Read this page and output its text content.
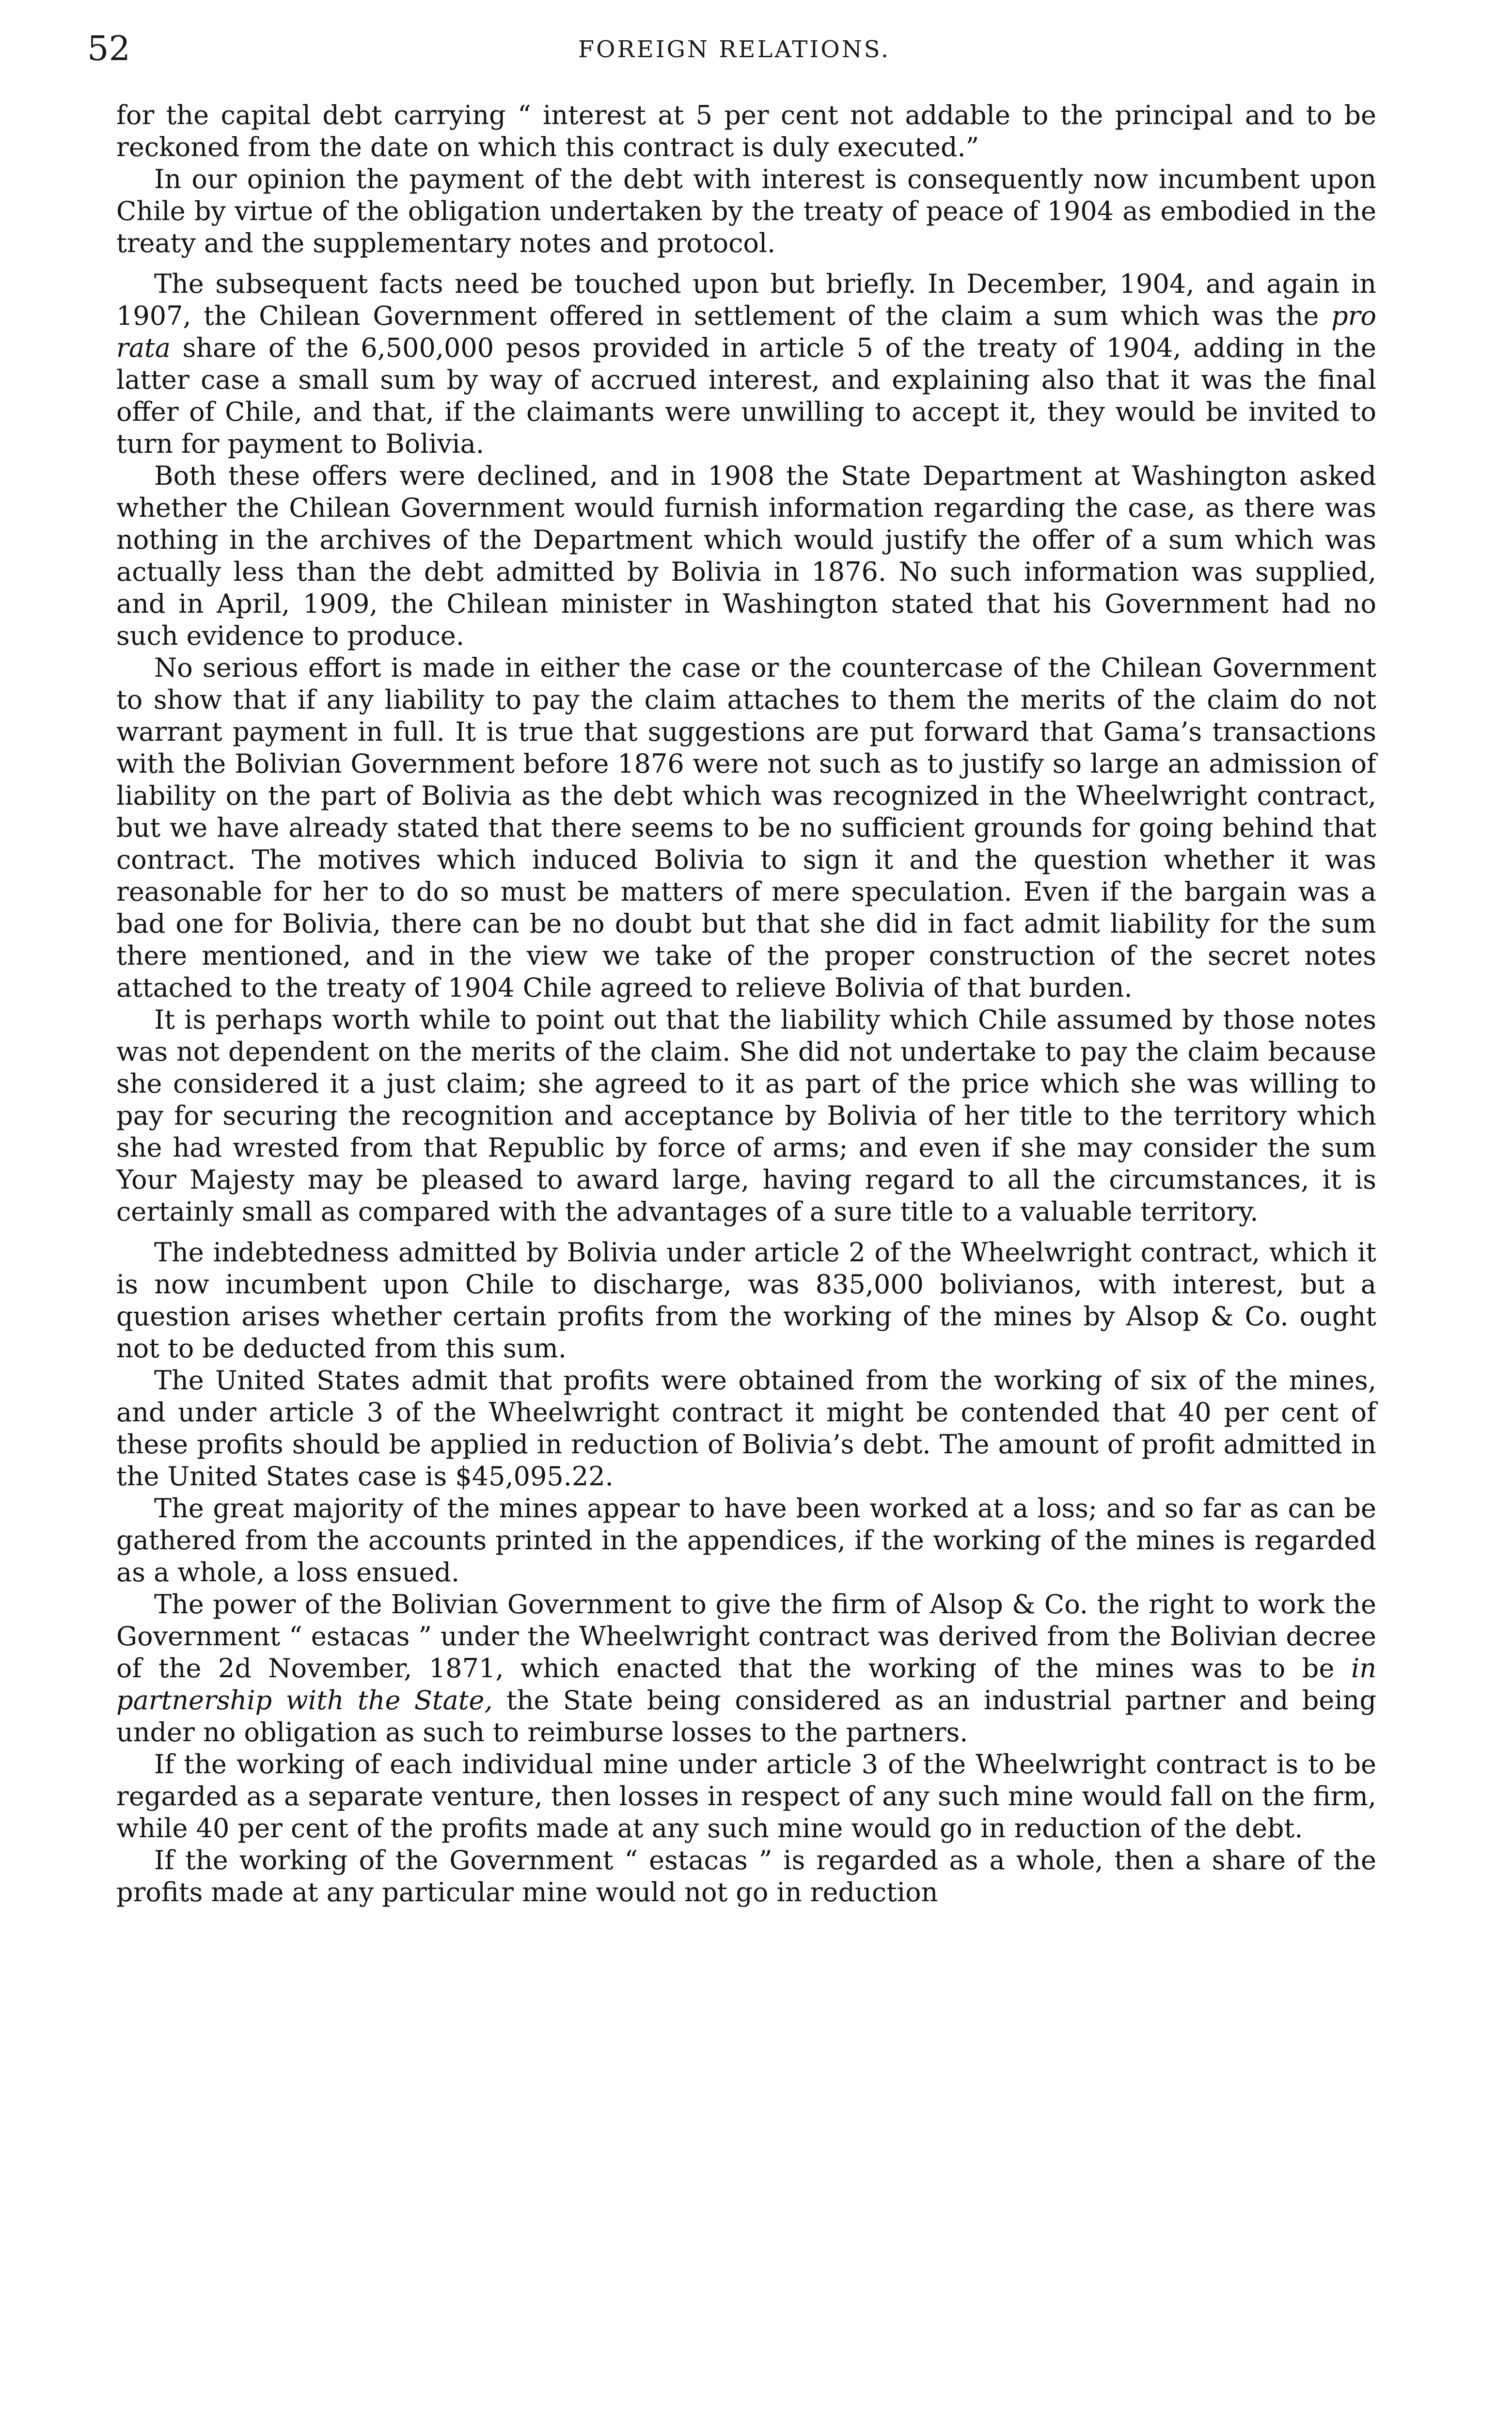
52	FOREIGN RELATIONS.

for the capital debt carrying “ interest at 5 per cent not addable to the principal and to be reckoned from the date on which this contract is duly executed.”

In our opinion the payment of the debt with interest is consequently now incumbent upon Chile by virtue of the obligation undertaken by the treaty of peace of 1904 as embodied in the treaty and the supplementary notes and protocol.

The subsequent facts need be touched upon but briefly. In December, 1904, and again in 1907, the Chilean Government offered in settlement of the claim a sum which was the pro rata share of the 6,500,000 pesos provided in article 5 of the treaty of 1904, adding in the latter case a small sum by way of accrued interest, and explaining also that it was the final offer of Chile, and that, if the claimants were unwilling to accept it, they would be invited to turn for payment to Bolivia.

Both these offers were declined, and in 1908 the State Department at Washington asked whether the Chilean Government would furnish information regarding the case, as there was nothing in the archives of the Department which would justify the offer of a sum which was actually less than the debt admitted by Bolivia in 1876. No such information was supplied, and in April, 1909, the Chilean minister in Washington stated that his Government had no such evidence to produce.

No serious effort is made in either the case or the countercase of the Chilean Government to show that if any liability to pay the claim attaches to them the merits of the claim do not warrant payment in full. It is true that suggestions are put forward that Gama’s transactions with the Bolivian Government before 1876 were not such as to justify so large an admission of liability on the part of Bolivia as the debt which was recognized in the Wheelwright contract, but we have already stated that there seems to be no sufficient grounds for going behind that contract. The motives which induced Bolivia to sign it and the question whether it was reasonable for her to do so must be matters of mere speculation. Even if the bargain was a bad one for Bolivia, there can be no doubt but that she did in fact admit liability for the sum there mentioned, and in the view we take of the proper construction of the secret notes attached to the treaty of 1904 Chile agreed to relieve Bolivia of that burden.

It is perhaps worth while to point out that the liability which Chile assumed by those notes was not dependent on the merits of the claim. She did not undertake to pay the claim because she considered it a just claim; she agreed to it as part of the price which she was willing to pay for securing the recognition and acceptance by Bolivia of her title to the territory which she had wrested from that Republic by force of arms; and even if she may consider the sum Your Majesty may be pleased to award large, having regard to all the circumstances, it is certainly small as compared with the advantages of a sure title to a valuable territory.

The indebtedness admitted by Bolivia under article 2 of the Wheelwright contract, which it is now incumbent upon Chile to discharge, was 835,000 bolivianos, with interest, but a question arises whether certain profits from the working of the mines by Alsop & Co. ought not to be deducted from this sum.

The United States admit that profits were obtained from the working of six of the mines, and under article 3 of the Wheelwright contract it might be contended that 40 per cent of these profits should be applied in reduction of Bolivia’s debt. The amount of profit admitted in the United States case is $45,095.22.

The great majority of the mines appear to have been worked at a loss; and so far as can be gathered from the accounts printed in the appendices, if the working of the mines is regarded as a whole, a loss ensued.

The power of the Bolivian Government to give the firm of Alsop & Co. the right to work the Government “ estacas ” under the Wheelwright contract was derived from the Bolivian decree of the 2d November, 1871, which enacted that the working of the mines was to be in partnership with the State, the State being considered as an industrial partner and being under no obligation as such to reimburse losses to the partners.

If the working of each individual mine under article 3 of the Wheelwright contract is to be regarded as a separate venture, then losses in respect of any such mine would fall on the firm, while 40 per cent of the profits made at any such mine would go in reduction of the debt.

If the working of the Government “ estacas ” is regarded as a whole, then a share of the profits made at any particular mine would not go in reduction
